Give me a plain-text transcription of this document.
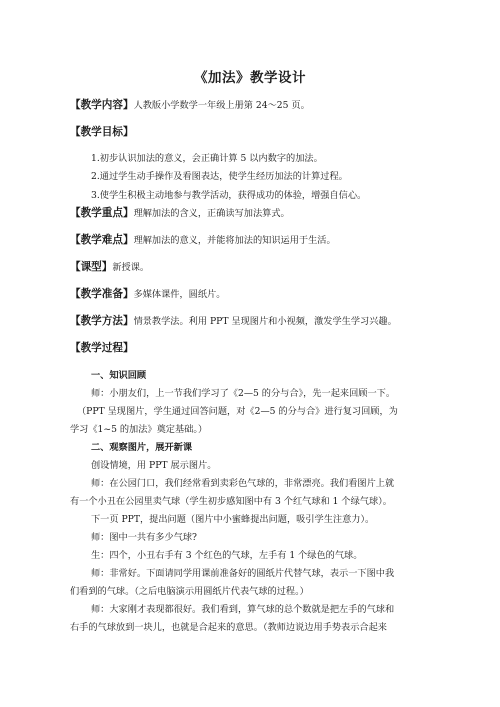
《加法》教学设计
【教学内容】人教版小学数学一年级上册第 24～25 页。
【教学目标】
1.初步认识加法的意义，会正确计算 5 以内数字的加法。
2.通过学生动手操作及看图表达，使学生经历加法的计算过程。
3.使学生积极主动地参与教学活动，获得成功的体验，增强自信心。
【教学重点】理解加法的含义，正确读写加法算式。
【教学难点】理解加法的意义，并能将加法的知识运用于生活。
【课型】新授课。
【教学准备】多媒体课件，圆纸片。
【教学方法】情景教学法。利用 PPT 呈现图片和小视频，激发学生学习兴趣。
【教学过程】
一、知识回顾
师：小朋友们，上一节我们学习了《2—5 的分与合》，先一起来回顾一下。
（PPT 呈现图片，学生通过回答问题，对《2—5 的分与合》进行复习回顾，为
学习《1~5 的加法》奠定基础。）
二、观察图片，展开新课
创设情境，用 PPT 展示图片。
师：在公园门口，我们经常看到卖彩色气球的，非常漂亮。我们看图片上就
有一个小丑在公园里卖气球（学生初步感知图中有 3 个红气球和 1 个绿气球）。
下一页 PPT，提出问题（图片中小蜜蜂提出问题，吸引学生注意力）。
师：图中一共有多少气球?
生：四个，小丑右手有 3 个红色的气球，左手有 1 个绿色的气球。
师：非常好。下面请同学用课前准备好的圆纸片代替气球，表示一下图中我
们看到的气球。（之后电脑演示用圆纸片代表气球的过程。）
师：大家刚才表现都很好。我们看到，算气球的总个数就是把左手的气球和
右手的气球放到一块儿，也就是合起来的意思。（教师边说边用手势表示合起来
